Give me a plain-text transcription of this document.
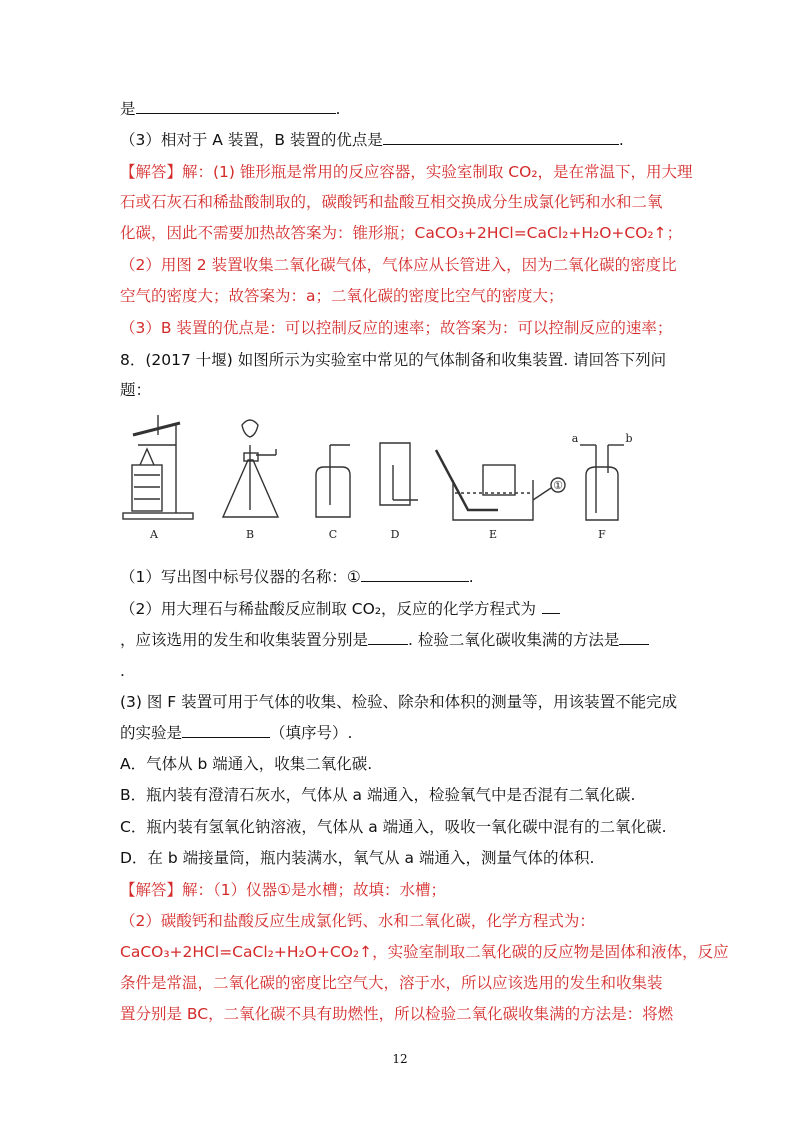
是	.
（3）相对于 A 装置，B 装置的优点是	.
【解答】解：(1) 锥形瓶是常用的反应容器，实验室制取 CO₂，是在常温下，用大理
石或石灰石和稀盐酸制取的，碳酸钙和盐酸互相交换成分生成氯化钙和水和二氧
化碳，因此不需要加热故答案为：锥形瓶；CaCO₃+2HCl=CaCl₂+H₂O+CO₂↑；
（2）用图 2 装置收集二氧化碳气体，气体应从长管进入，因为二氧化碳的密度比
空气的密度大；故答案为：a；二氧化碳的密度比空气的密度大；
（3）B 装置的优点是：可以控制反应的速率；故答案为：可以控制反应的速率；
8．(2017 十堰) 如图所示为实验室中常见的气体制备和收集装置. 请回答下列问
题：
A	B	C	D	E	F
①
a	b
（1）写出图中标号仪器的名称：①	.
（2）用大理石与稀盐酸反应制取 CO₂，反应的化学方程式为
，应该选用的发生和收集装置分别是	. 检验二氧化碳收集满的方法是
.
(3) 图 F 装置可用于气体的收集、检验、除杂和体积的测量等，用该装置不能完成
的实验是	（填序号）.
A．气体从 b 端通入，收集二氧化碳.
B．瓶内装有澄清石灰水，气体从 a 端通入，检验氧气中是否混有二氧化碳.
C．瓶内装有氢氧化钠溶液，气体从 a 端通入，吸收一氧化碳中混有的二氧化碳.
D．在 b 端接量筒，瓶内装满水，氧气从 a 端通入，测量气体的体积.
【解答】解：（1）仪器①是水槽；故填：水槽；
（2）碳酸钙和盐酸反应生成氯化钙、水和二氧化碳，化学方程式为：
CaCO₃+2HCl=CaCl₂+H₂O+CO₂↑，实验室制取二氧化碳的反应物是固体和液体，反应
条件是常温，二氧化碳的密度比空气大，溶于水，所以应该选用的发生和收集装
置分别是 BC，二氧化碳不具有助燃性，所以检验二氧化碳收集满的方法是：将燃
12
